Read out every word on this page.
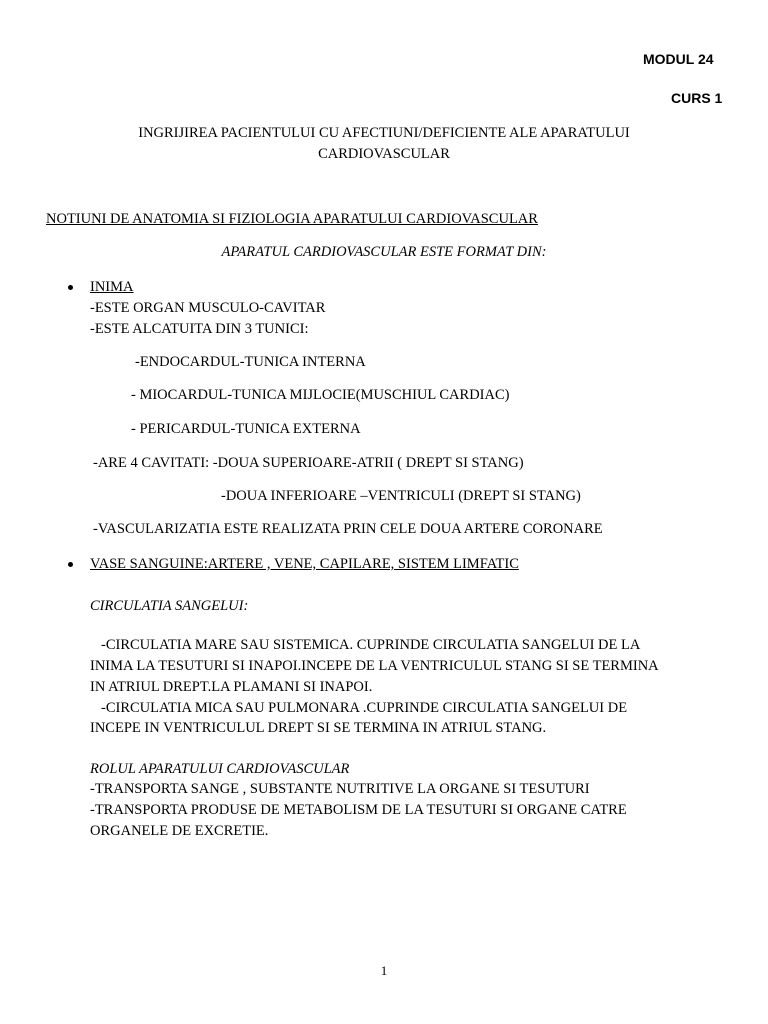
MODUL 24
CURS 1
INGRIJIREA PACIENTULUI CU AFECTIUNI/DEFICIENTE ALE APARATULUI
CARDIOVASCULAR
NOTIUNI DE ANATOMIA SI FIZIOLOGIA APARATULUI CARDIOVASCULAR
APARATUL CARDIOVASCULAR ESTE FORMAT DIN:
INIMA
-ESTE ORGAN MUSCULO-CAVITAR
-ESTE ALCATUITA DIN 3 TUNICI:
-ENDOCARDUL-TUNICA INTERNA
- MIOCARDUL-TUNICA MIJLOCIE(MUSCHIUL CARDIAC)
- PERICARDUL-TUNICA EXTERNA
-ARE 4 CAVITATI: -DOUA SUPERIOARE-ATRII ( DREPT SI STANG)
-DOUA INFERIOARE –VENTRICULI (DREPT SI STANG)
-VASCULARIZATIA ESTE REALIZATA PRIN CELE DOUA ARTERE CORONARE
VASE SANGUINE:ARTERE , VENE, CAPILARE, SISTEM LIMFATIC
CIRCULATIA SANGELUI:
-CIRCULATIA MARE SAU SISTEMICA. CUPRINDE CIRCULATIA SANGELUI DE LA
INIMA LA TESUTURI SI INAPOI.INCEPE DE LA VENTRICULUL STANG SI SE TERMINA
IN ATRIUL DREPT.LA PLAMANI SI INAPOI.
-CIRCULATIA MICA SAU PULMONARA .CUPRINDE CIRCULATIA SANGELUI DE
INCEPE IN VENTRICULUL DREPT SI SE TERMINA IN ATRIUL STANG.
ROLUL APARATULUI CARDIOVASCULAR
-TRANSPORTA SANGE , SUBSTANTE NUTRITIVE LA ORGANE SI TESUTURI
-TRANSPORTA PRODUSE DE METABOLISM DE LA TESUTURI SI ORGANE CATRE
ORGANELE DE EXCRETIE.
1
